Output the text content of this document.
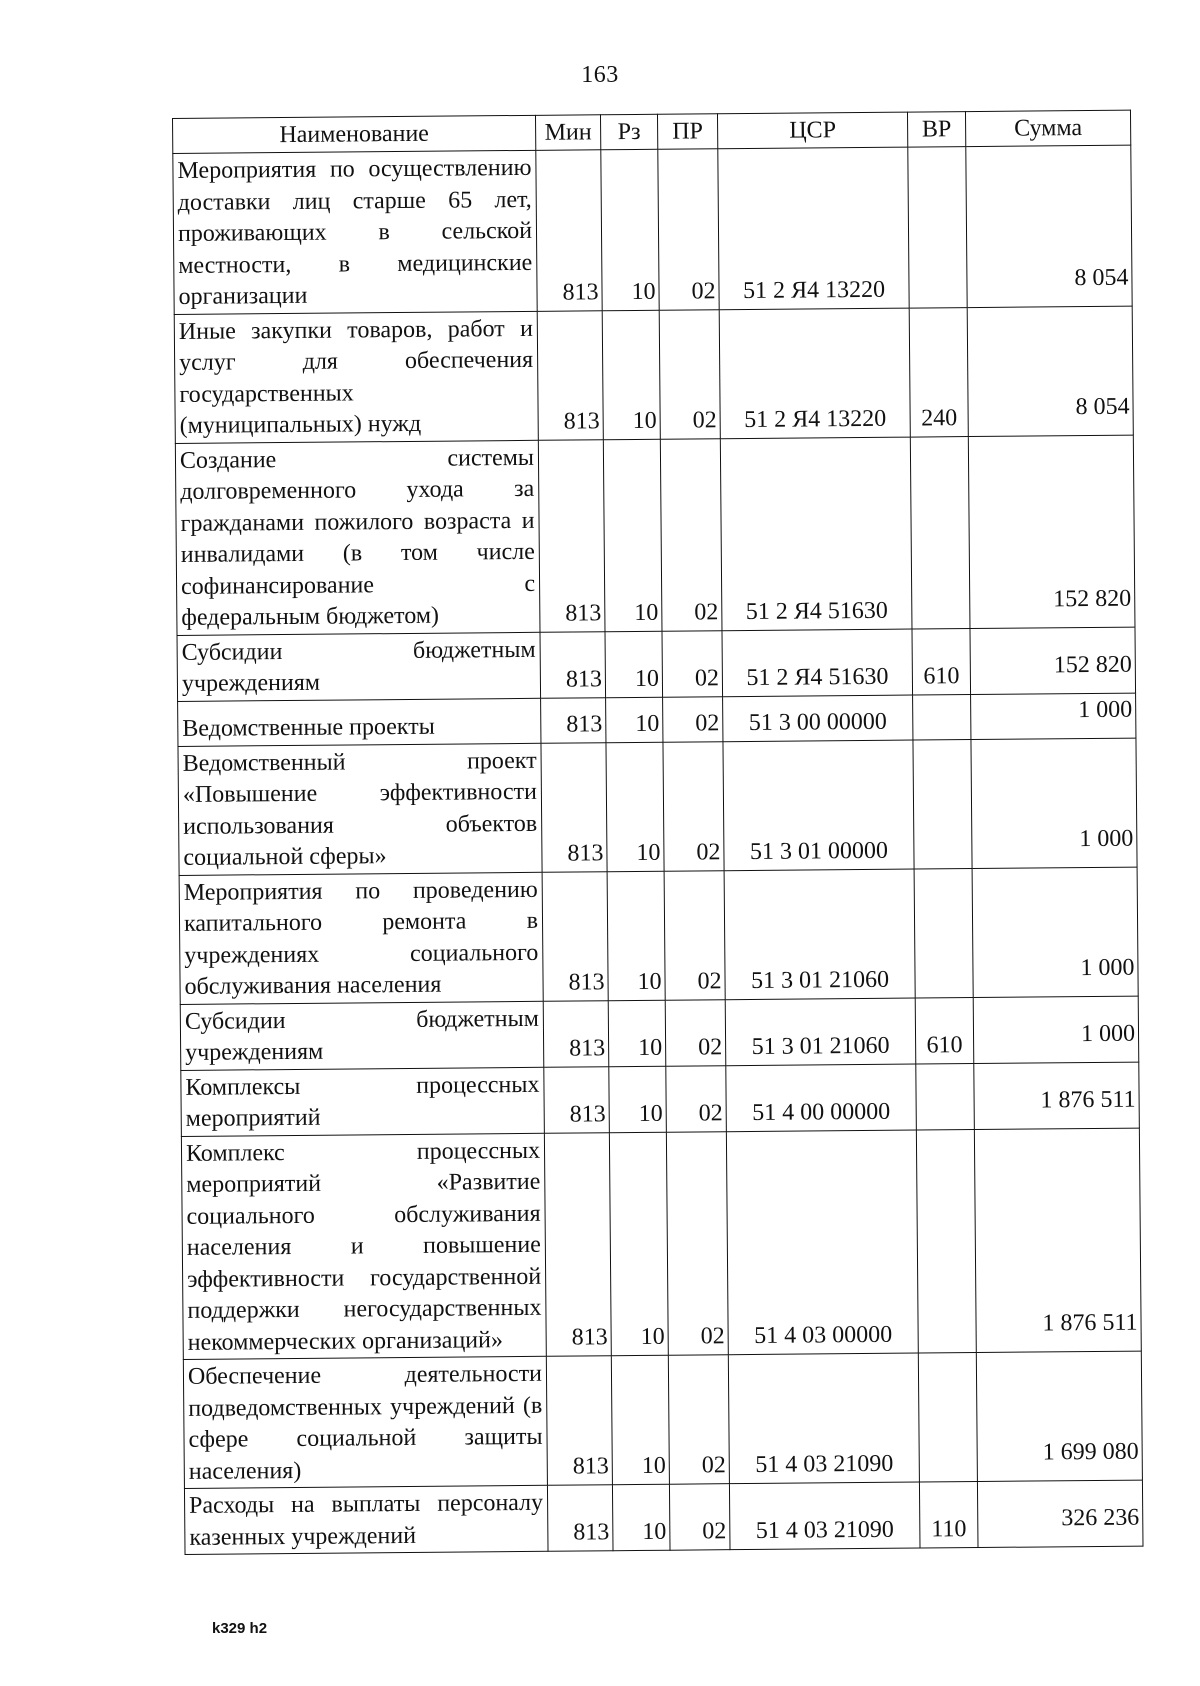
163
Наименование	Мин	Рз	ПР	ЦСР	ВР	Сумма
Мероприятия по осуществлению доставки лиц старше 65 лет, проживающих в сельской местности, в медицинские организации	813	10	02	51 2 Я4 13220		8 054
Иные закупки товаров, работ и услуг для обеспечения государственных (муниципальных) нужд	813	10	02	51 2 Я4 13220	240	8 054
Создание системы долговременного ухода за гражданами пожилого возраста и инвалидами (в том числе софинансирование с федеральным бюджетом)	813	10	02	51 2 Я4 51630		152 820
Субсидии бюджетным учреждениям	813	10	02	51 2 Я4 51630	610	152 820
Ведомственные проекты	813	10	02	51 3 00 00000		1 000
Ведомственный проект «Повышение эффективности использования объектов социальной сферы»	813	10	02	51 3 01 00000		1 000
Мероприятия по проведению капитального ремонта в учреждениях социального обслуживания населения	813	10	02	51 3 01 21060		1 000
Субсидии бюджетным учреждениям	813	10	02	51 3 01 21060	610	1 000
Комплексы процессных мероприятий	813	10	02	51 4 00 00000		1 876 511
Комплекс процессных мероприятий «Развитие социального обслуживания населения и повышение эффективности государственной поддержки негосударственных некоммерческих организаций»	813	10	02	51 4 03 00000		1 876 511
Обеспечение деятельности подведомственных учреждений (в сфере социальной защиты населения)	813	10	02	51 4 03 21090		1 699 080
Расходы на выплаты персоналу казенных учреждений	813	10	02	51 4 03 21090	110	326 236
k329 h2
